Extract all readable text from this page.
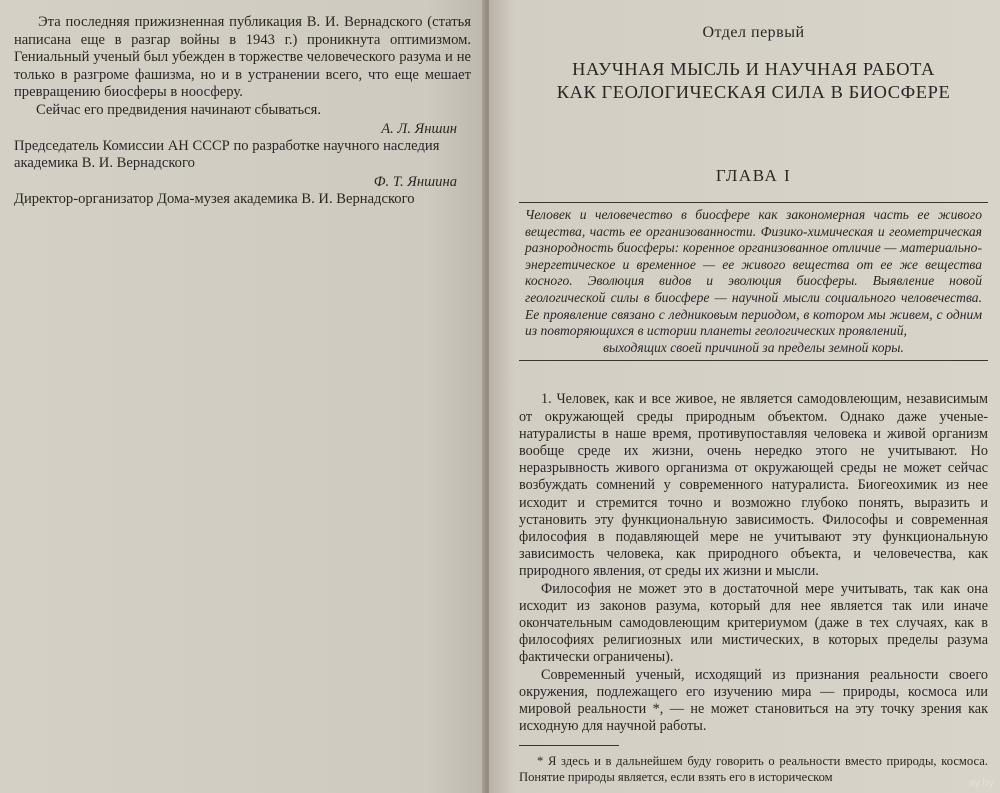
Эта последняя прижизненная публикация В. И. Вернадского (статья написана еще в разгар войны в 1943 г.) проникнута оптимизмом. Гениальный ученый был убежден в торжестве человеческого разума и не только в разгроме фашизма, но и в устранении всего, что еще мешает превращению биосферы в ноосферу.

Сейчас его предвидения начинают сбываться.

А. Л. Яншин

Председатель Комиссии АН СССР по разработке научного наследия академика В. И. Вернадского

Ф. Т. Яншина

Директор-организатор Дома-музея академика В. И. Вернадского

Отдел первый
НАУЧНАЯ МЫСЛЬ И НАУЧНАЯ РАБОТА
КАК ГЕОЛОГИЧЕСКАЯ СИЛА В БИОСФЕРЕ
ГЛАВА I
Человек и человечество в биосфере как закономерная часть ее живого вещества, часть ее организованности. Физико-химическая и геометрическая разнородность биосферы: коренное организованное отличие — материально-энергетическое и временное — ее живого вещества от ее же вещества косного. Эволюция видов и эволюция биосферы. Выявление новой геологической силы в биосфере — научной мысли социального человечества. Ее проявление связано с ледниковым периодом, в котором мы живем, с одним из повторяющихся в истории планеты геологических проявлений,
выходящих своей причиной за пределы земной коры.

1. Человек, как и все живое, не является самодовлеющим, независимым от окружающей среды природным объектом. Однако даже ученые-натуралисты в наше время, противупоставляя человека и живой организм вообще среде их жизни, очень нередко этого не учитывают. Но неразрывность живого организма от окружающей среды не может сейчас возбуждать сомнений у современного натуралиста. Биогеохимик из нее исходит и стремится точно и возможно глубоко понять, выразить и установить эту функциональную зависимость. Философы и современная философия в подавляющей мере не учитывают эту функциональную зависимость человека, как природного объекта, и человечества, как природного явления, от среды их жизни и мысли.

Философия не может это в достаточной мере учитывать, так как она исходит из законов разума, который для нее является так или иначе окончательным самодовлеющим критериумом (даже в тех случаях, как в философиях религиозных или мистических, в которых пределы разума фактически ограничены).

Современный ученый, исходящий из признания реальности своего окружения, подлежащего его изучению мира — природы, космоса или мировой реальности *, — не может становиться на эту точку зрения как исходную для научной работы.

* Я здесь и в дальнейшем буду говорить о реальности вместо природы, космоса. Понятие природы является, если взять его в историческом	ay.by
